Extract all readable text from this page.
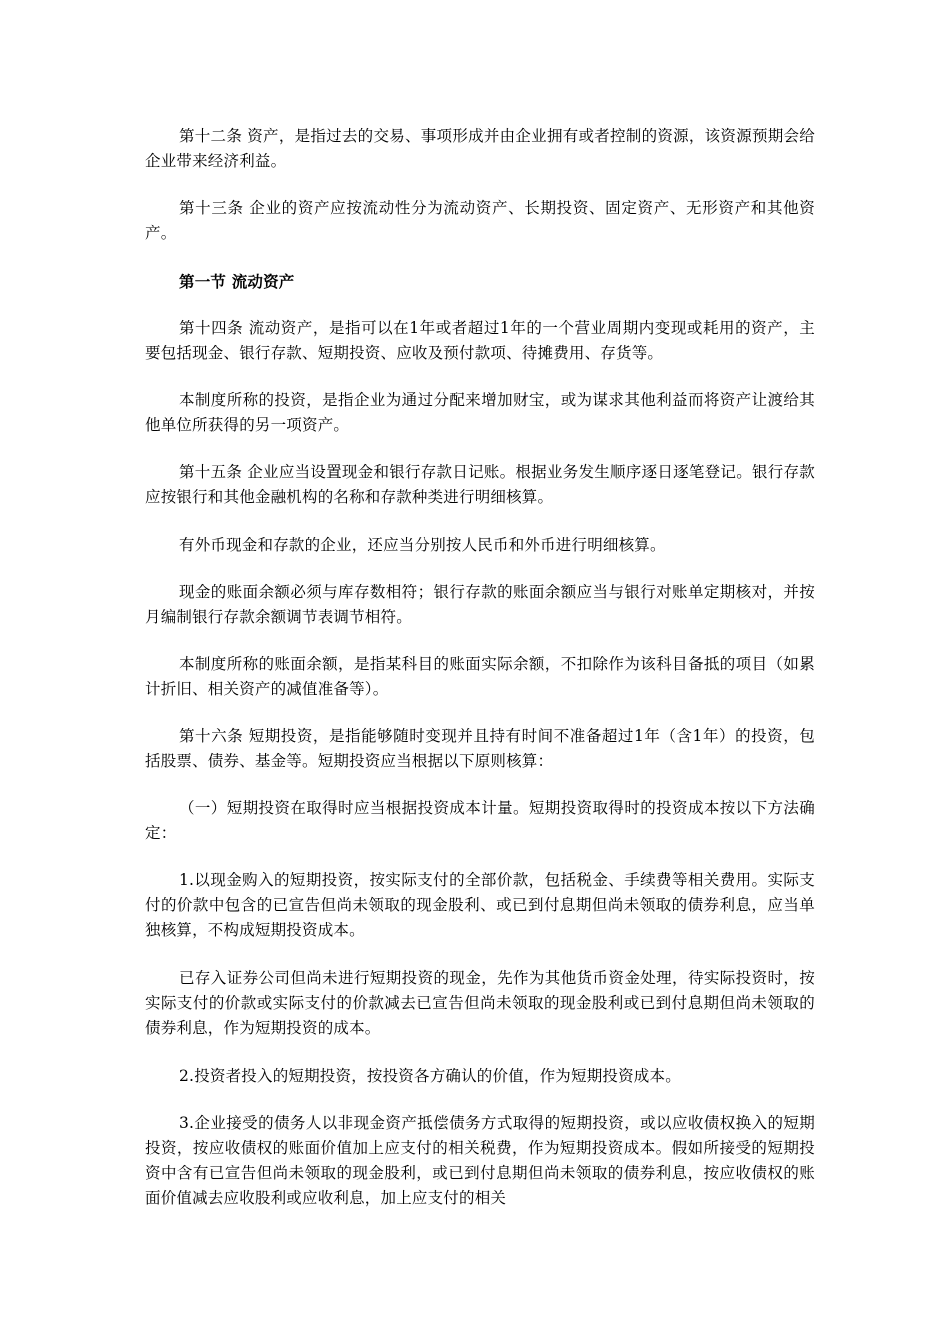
第十二条 资产，是指过去的交易、事项形成并由企业拥有或者控制的资源，该资源预期会给企业带来经济利益。

第十三条 企业的资产应按流动性分为流动资产、长期投资、固定资产、无形资产和其他资产。

第一节 流动资产

第十四条 流动资产，是指可以在1年或者超过1年的一个营业周期内变现或耗用的资产，主要包括现金、银行存款、短期投资、应收及预付款项、待摊费用、存货等。

本制度所称的投资，是指企业为通过分配来增加财宝，或为谋求其他利益而将资产让渡给其他单位所获得的另一项资产。

第十五条 企业应当设置现金和银行存款日记账。根据业务发生顺序逐日逐笔登记。银行存款应按银行和其他金融机构的名称和存款种类进行明细核算。

有外币现金和存款的企业，还应当分别按人民币和外币进行明细核算。

现金的账面余额必须与库存数相符；银行存款的账面余额应当与银行对账单定期核对，并按月编制银行存款余额调节表调节相符。

本制度所称的账面余额，是指某科目的账面实际余额，不扣除作为该科目备抵的项目（如累计折旧、相关资产的减值准备等）。

第十六条 短期投资，是指能够随时变现并且持有时间不准备超过1年（含1年）的投资，包括股票、债券、基金等。短期投资应当根据以下原则核算：

（一）短期投资在取得时应当根据投资成本计量。短期投资取得时的投资成本按以下方法确定：

1.以现金购入的短期投资，按实际支付的全部价款，包括税金、手续费等相关费用。实际支付的价款中包含的已宣告但尚未领取的现金股利、或已到付息期但尚未领取的债券利息，应当单独核算，不构成短期投资成本。

已存入证券公司但尚未进行短期投资的现金，先作为其他货币资金处理，待实际投资时，按实际支付的价款或实际支付的价款减去已宣告但尚未领取的现金股利或已到付息期但尚未领取的债券利息，作为短期投资的成本。

2.投资者投入的短期投资，按投资各方确认的价值，作为短期投资成本。

3.企业接受的债务人以非现金资产抵偿债务方式取得的短期投资，或以应收债权换入的短期投资，按应收债权的账面价值加上应支付的相关税费，作为短期投资成本。假如所接受的短期投资中含有已宣告但尚未领取的现金股利，或已到付息期但尚未领取的债券利息，按应收债权的账面价值减去应收股利或应收利息，加上应支付的相关
